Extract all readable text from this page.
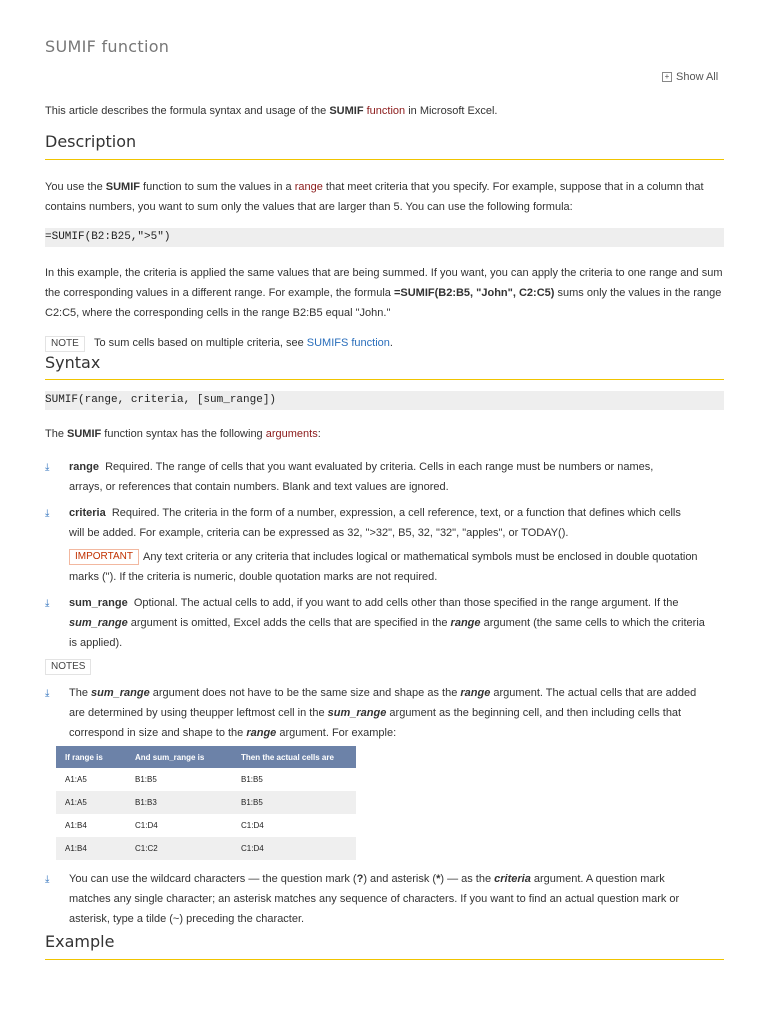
SUMIF function
+ Show All

This article describes the formula syntax and usage of the SUMIF function in Microsoft Excel.

Description

You use the SUMIF function to sum the values in a range that meet criteria that you specify. For example, suppose that in a column that contains numbers, you want to sum only the values that are larger than 5. You can use the following formula:

=SUMIF(B2:B25,">5")

In this example, the criteria is applied the same values that are being summed. If you want, you can apply the criteria to one range and sum the corresponding values in a different range. For example, the formula =SUMIF(B2:B5, "John", C2:C5) sums only the values in the range C2:C5, where the corresponding cells in the range B2:B5 equal "John."

NOTE	To sum cells based on multiple criteria, see SUMIFS function.

Syntax
SUMIF(range, criteria, [sum_range])

The SUMIF function syntax has the following arguments:

⤓ range Required. The range of cells that you want evaluated by criteria. Cells in each range must be numbers or names, arrays, or references that contain numbers. Blank and text values are ignored.

⤓ criteria Required. The criteria in the form of a number, expression, a cell reference, text, or a function that defines which cells will be added. For example, criteria can be expressed as 32, ">32", B5, 32, "32", "apples", or TODAY().

IMPORTANT Any text criteria or any criteria that includes logical or mathematical symbols must be enclosed in double quotation marks ("). If the criteria is numeric, double quotation marks are not required.

⤓ sum_range Optional. The actual cells to add, if you want to add cells other than those specified in the range argument. If the sum_range argument is omitted, Excel adds the cells that are specified in the range argument (the same cells to which the criteria is applied).

NOTES
⤓ The sum_range argument does not have to be the same size and shape as the range argument. The actual cells that are added are determined by using theupper leftmost cell in the sum_range argument as the beginning cell, and then including cells that correspond in size and shape to the range argument. For example:

If range is	And sum_range is	Then the actual cells are
A1:A5	B1:B5	B1:B5
A1:A5	B1:B3	B1:B5
A1:B4	C1:D4	C1:D4
A1:B4	C1:C2	C1:D4
⤓ You can use the wildcard characters — the question mark (?) and asterisk (*) — as the criteria argument. A question mark matches any single character; an asterisk matches any sequence of characters. If you want to find an actual question mark or asterisk, type a tilde (~) preceding the character.

Example
